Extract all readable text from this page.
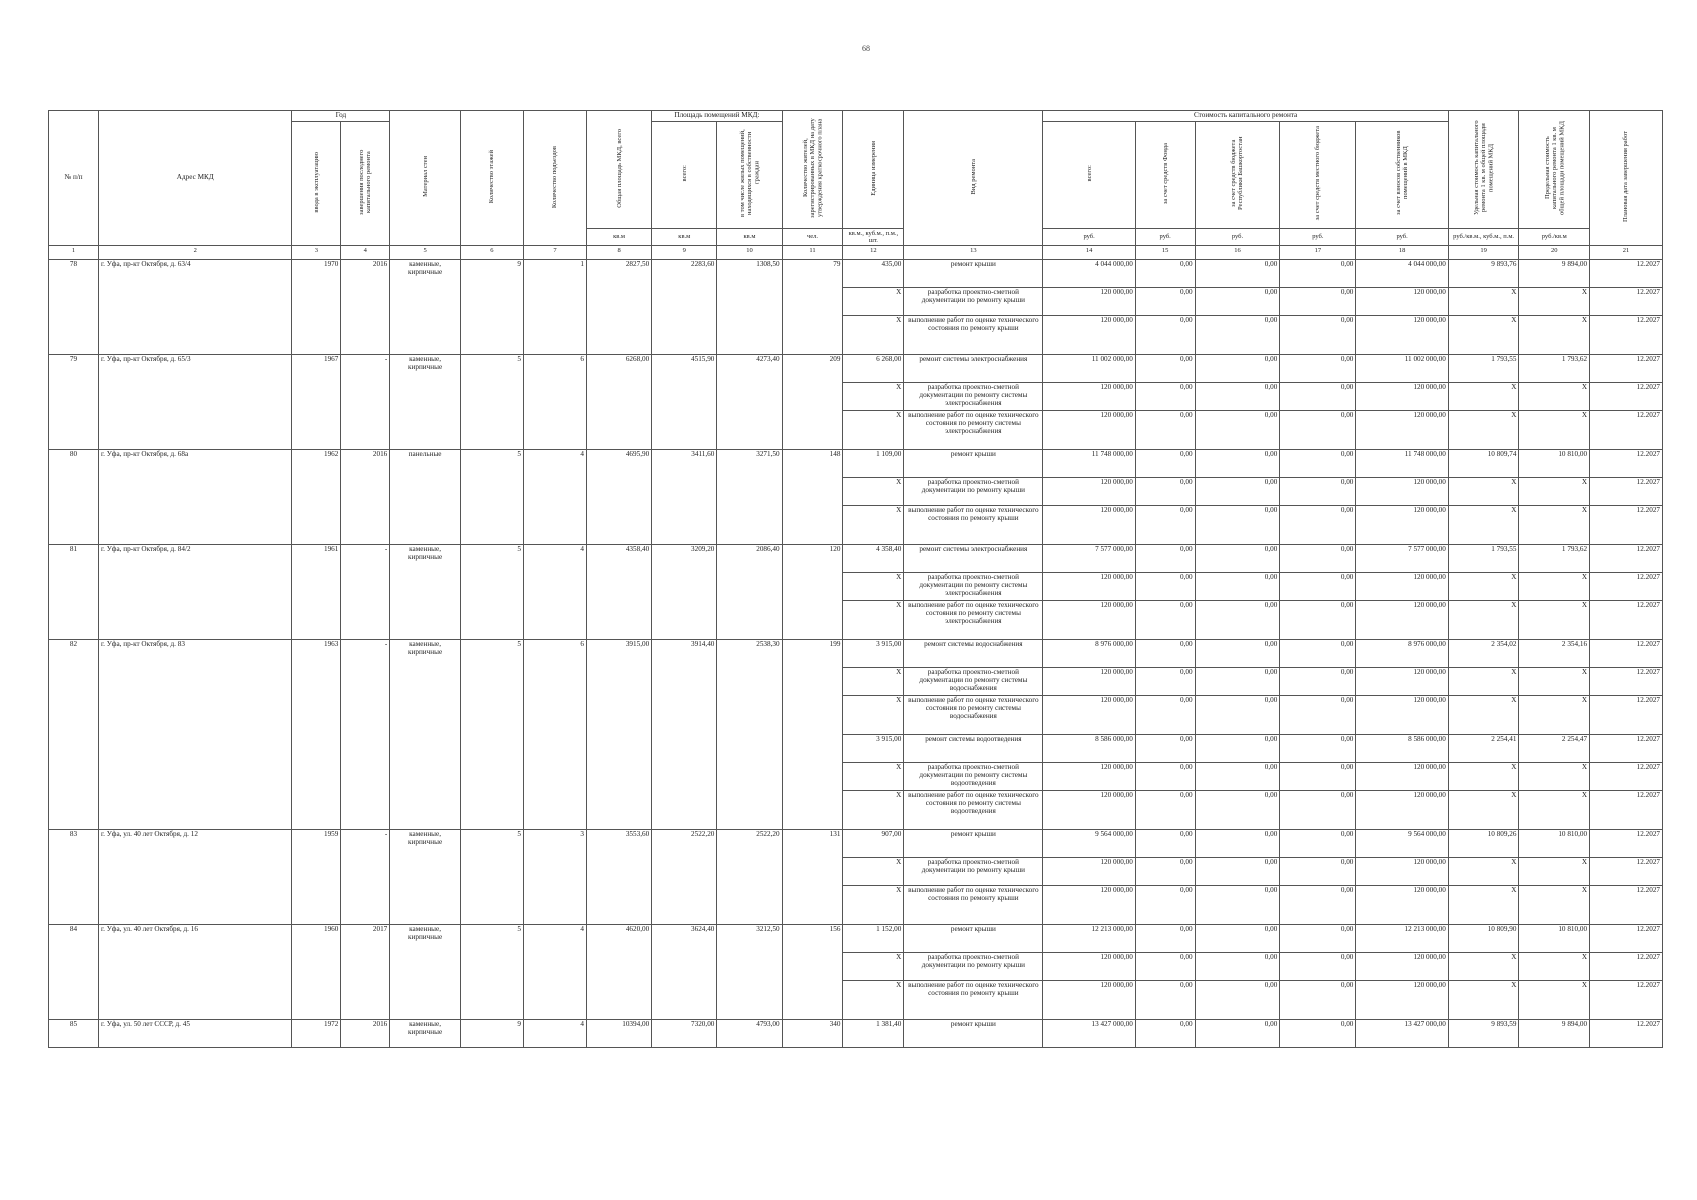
68
№ п/п	Адрес МКД	Год		Материал стен	Количество этажей	Количество подъездов	Общая площадь МКД, всего	Площадь помещений МКД:		Количество жителей, зарегистрированных в МКД на дату утверждения краткосрочного плана	Единица измерения	Вид ремонта	Стоимость капитального ремонта					Удельная стоимость капитального ремонта 1 кв. м общей площади помещений МКД	Предельная стоимость капитального ремонта 1 кв. м общей площади помещений МКД	Плановая дата завершения работ
		ввода в эксплуатацию	завершения последнего капитального ремонта					всего:	в том числе жилых помещений, находящихся в собственности граждан				всего:	за счет средств Фонда	за счет средств бюджета Республики Башкортостан	за счет средств местного бюджета	за счет взносов собственников помещений в МКД			
							кв.м	кв.м	кв.м	чел.	кв.м., куб.м., п.м., шт.		руб.	руб.	руб.	руб.	руб.	руб./кв.м., куб.м., п.м.	руб./кв.м	
1	2	3	4	5	6	7	8	9	10	11	12	13	14	15	16	17	18	19	20	21
78	г. Уфа, пр-кт Октября, д. 63/4	1970	2016	каменные, кирпичные	9	1	2827,50	2283,60	1308,50	79	435,00	ремонт крыши	4 044 000,00	0,00	0,00	0,00	4 044 000,00	9 893,76	9 894,00	12.2027
											X	разработка проектно-сметной документации по ремонту крыши	120 000,00	0,00	0,00	0,00	120 000,00	X	X	12.2027
											X	выполнение работ по оценке технического состояния по ремонту крыши	120 000,00	0,00	0,00	0,00	120 000,00	X	X	12.2027
79	г. Уфа, пр-кт Октября, д. 65/3	1967	-	каменные, кирпичные	5	6	6268,00	4515,90	4273,40	209	6 268,00	ремонт системы электроснабжения	11 002 000,00	0,00	0,00	0,00	11 002 000,00	1 793,55	1 793,62	12.2027
											X	разработка проектно-сметной документации по ремонту системы электроснабжения	120 000,00	0,00	0,00	0,00	120 000,00	X	X	12.2027
											X	выполнение работ по оценке технического состояния по ремонту системы электроснабжения	120 000,00	0,00	0,00	0,00	120 000,00	X	X	12.2027
80	г. Уфа, пр-кт Октября, д. 68а	1962	2016	панельные	5	4	4695,90	3411,60	3271,50	148	1 109,00	ремонт крыши	11 748 000,00	0,00	0,00	0,00	11 748 000,00	10 809,74	10 810,00	12.2027
											X	разработка проектно-сметной документации по ремонту крыши	120 000,00	0,00	0,00	0,00	120 000,00	X	X	12.2027
											X	выполнение работ по оценке технического состояния по ремонту крыши	120 000,00	0,00	0,00	0,00	120 000,00	X	X	12.2027
81	г. Уфа, пр-кт Октября, д. 84/2	1961	-	каменные, кирпичные	5	4	4358,40	3209,20	2086,40	120	4 358,40	ремонт системы электроснабжения	7 577 000,00	0,00	0,00	0,00	7 577 000,00	1 793,55	1 793,62	12.2027
											X	разработка проектно-сметной документации по ремонту системы электроснабжения	120 000,00	0,00	0,00	0,00	120 000,00	X	X	12.2027
											X	выполнение работ по оценке технического состояния по ремонту системы электроснабжения	120 000,00	0,00	0,00	0,00	120 000,00	X	X	12.2027
82	г. Уфа, пр-кт Октября, д. 83	1963	-	каменные, кирпичные	5	6	3915,00	3914,40	2538,30	199	3 915,00	ремонт системы водоснабжения	8 976 000,00	0,00	0,00	0,00	8 976 000,00	2 354,02	2 354,16	12.2027
											X	разработка проектно-сметной документации по ремонту системы водоснабжения	120 000,00	0,00	0,00	0,00	120 000,00	X	X	12.2027
											X	выполнение работ по оценке технического состояния по ремонту системы водоснабжения	120 000,00	0,00	0,00	0,00	120 000,00	X	X	12.2027
											3 915,00	ремонт системы водоотведения	8 586 000,00	0,00	0,00	0,00	8 586 000,00	2 254,41	2 254,47	12.2027
											X	разработка проектно-сметной документации по ремонту системы водоотведения	120 000,00	0,00	0,00	0,00	120 000,00	X	X	12.2027
											X	выполнение работ по оценке технического состояния по ремонту системы водоотведения	120 000,00	0,00	0,00	0,00	120 000,00	X	X	12.2027
83	г. Уфа, ул. 40 лет Октября, д. 12	1959	-	каменные, кирпичные	5	3	3553,60	2522,20	2522,20	131	907,00	ремонт крыши	9 564 000,00	0,00	0,00	0,00	9 564 000,00	10 809,26	10 810,00	12.2027
											X	разработка проектно-сметной документации по ремонту крыши	120 000,00	0,00	0,00	0,00	120 000,00	X	X	12.2027
											X	выполнение работ по оценке технического состояния по ремонту крыши	120 000,00	0,00	0,00	0,00	120 000,00	X	X	12.2027
84	г. Уфа, ул. 40 лет Октября, д. 16	1960	2017	каменные, кирпичные	5	4	4620,00	3624,40	3212,50	156	1 152,00	ремонт крыши	12 213 000,00	0,00	0,00	0,00	12 213 000,00	10 809,90	10 810,00	12.2027
											X	разработка проектно-сметной документации по ремонту крыши	120 000,00	0,00	0,00	0,00	120 000,00	X	X	12.2027
											X	выполнение работ по оценке технического состояния по ремонту крыши	120 000,00	0,00	0,00	0,00	120 000,00	X	X	12.2027
85	г. Уфа, ул. 50 лет СССР, д. 45	1972	2016	каменные, кирпичные	9	4	10394,00	7320,00	4793,00	340	1 381,40	ремонт крыши	13 427 000,00	0,00	0,00	0,00	13 427 000,00	9 893,59	9 894,00	12.2027
